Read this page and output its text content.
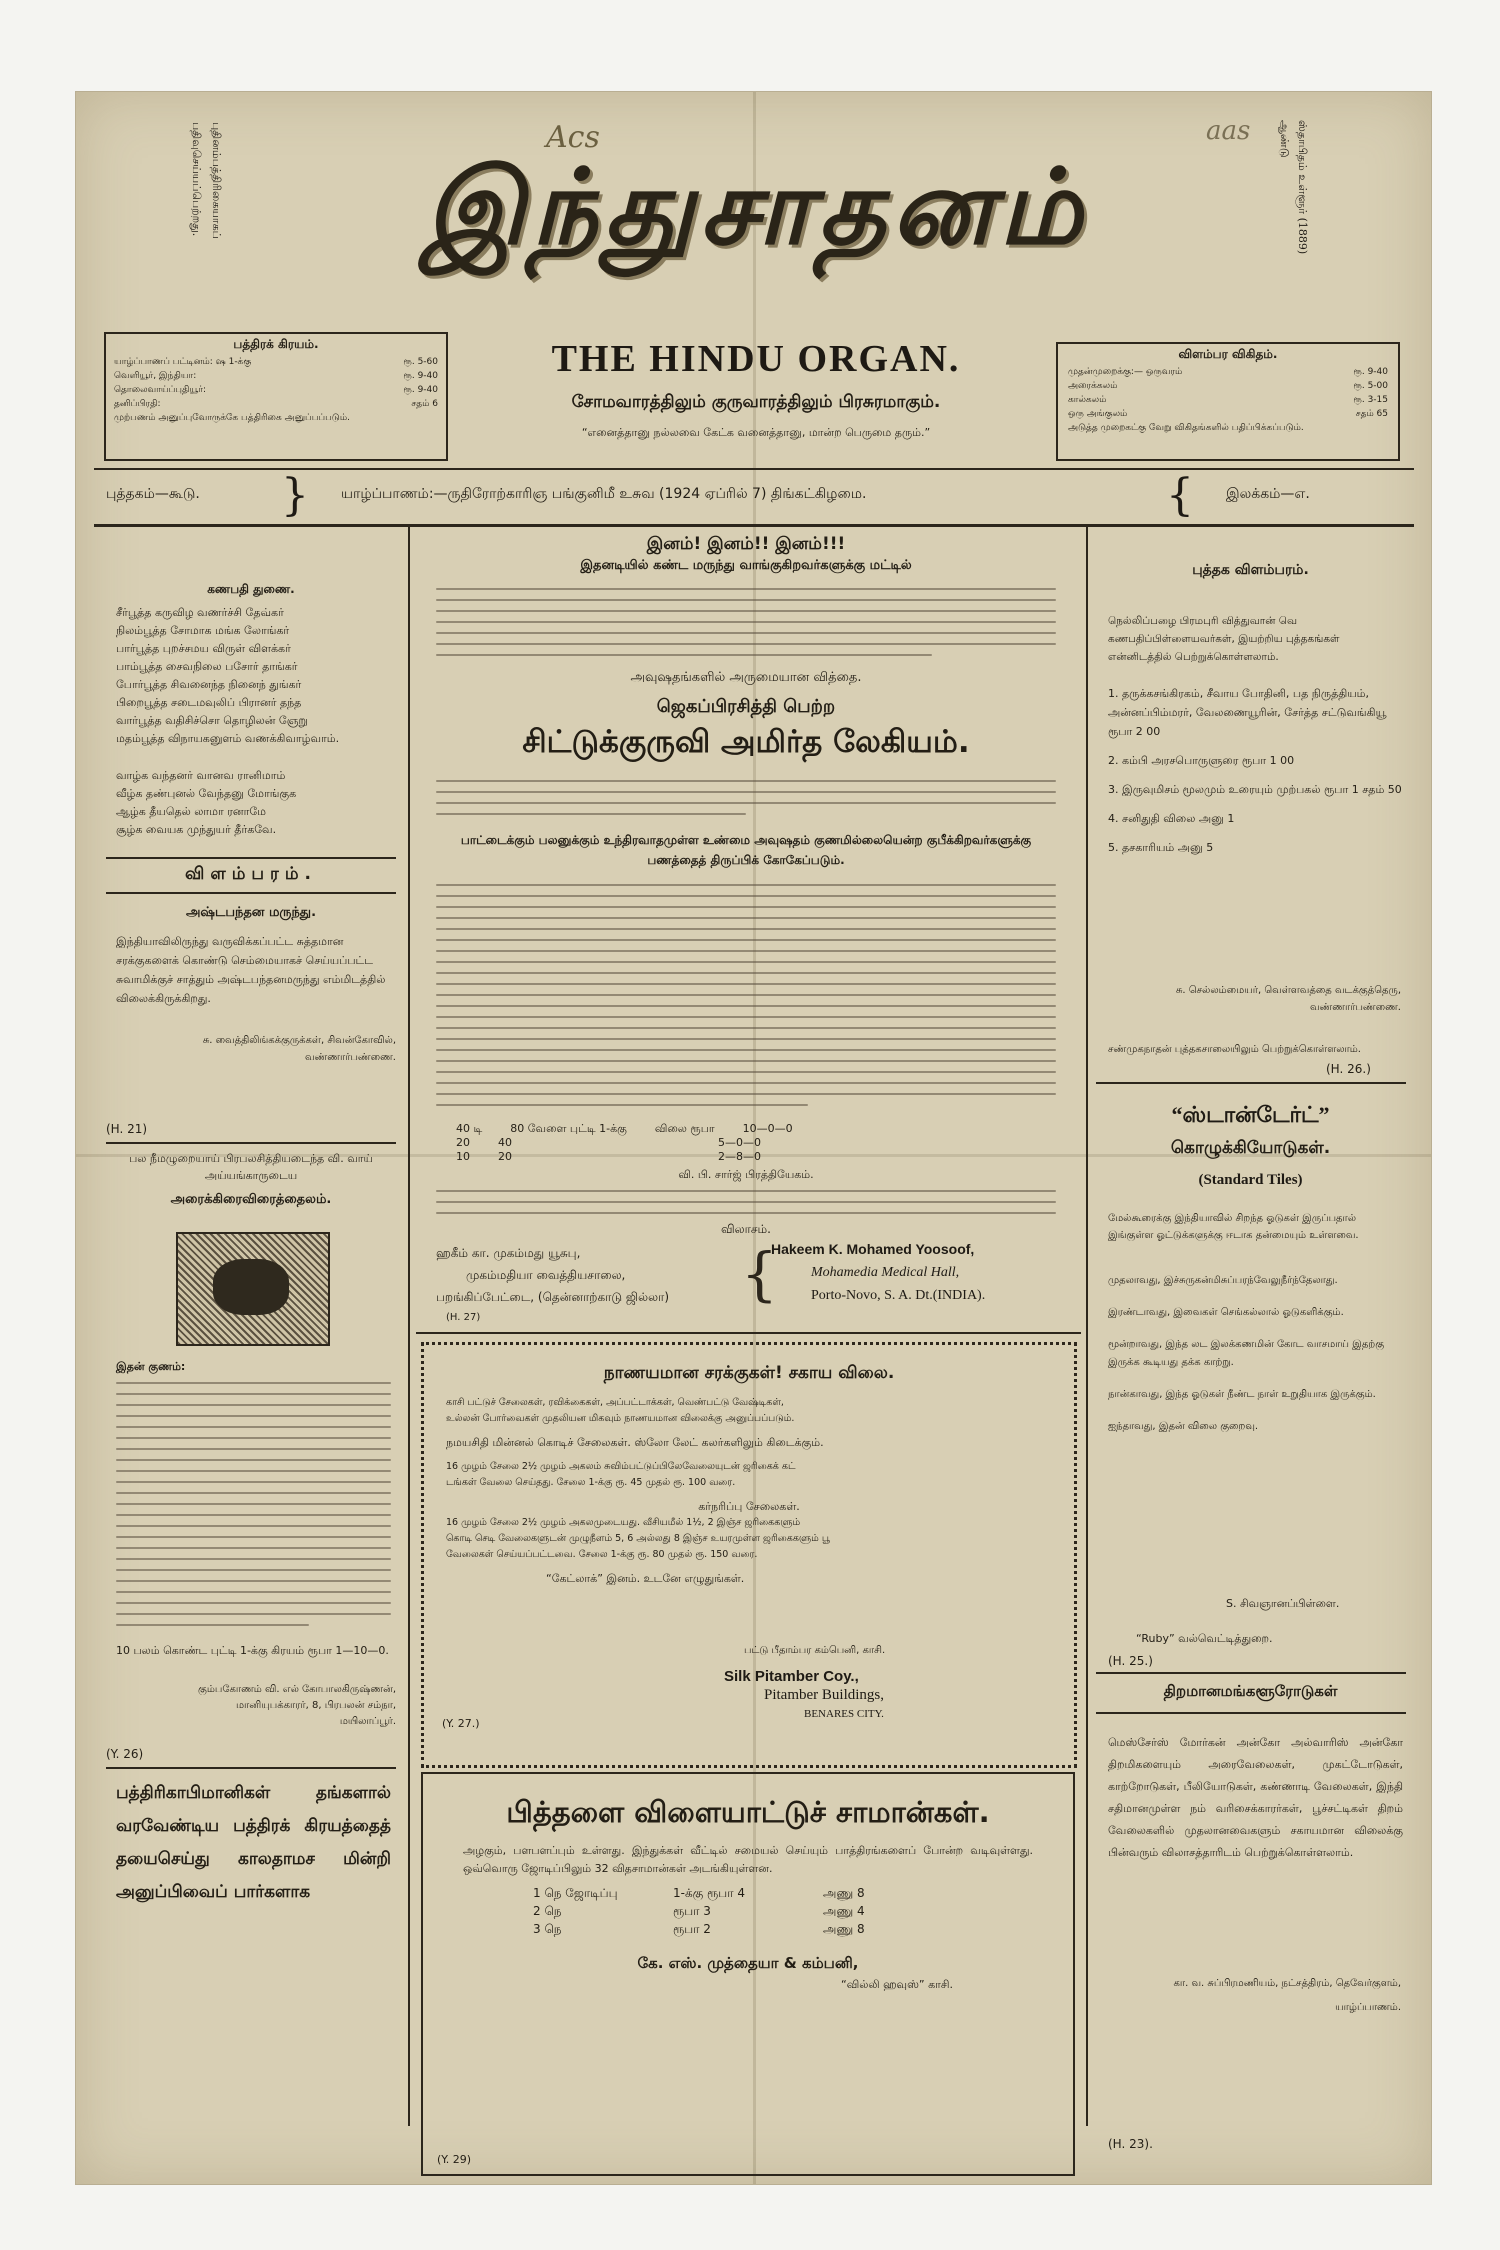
Acs	aas
புதினம்பத்திரிகையாகப் பதிவுசெய்யப்பெற்றது.	ஸ்தாபிதம் உள்ளூர் (1889) ஆண்டு
இந்துசாதனம்
பத்திரக் கிரயம்.
யாழ்ப்பாணப் பட்டினம்: ஷ 1-க்கு	ரூ. 5-60
வெளியூர், இந்தியா:	ரூ. 9-40
தொலைவாய்ப்புதியூர்:	ரூ. 9-40
தனிப்பிரதி:	சதம் 6
முற்பணம் அனுப்புவோருக்கே பத்திரிகை அனுப்பப்படும்.
THE HINDU ORGAN.
சோமவாரத்திலும் குருவாரத்திலும் பிரசுரமாகும்.
“எனைத்தானு நல்லவை கேட்க வனைத்தானு, மான்ற பெருமை தரும்.”
விளம்பர விகிதம்.
முதன்முறைக்கு:— ஒருவரம்	ரூ. 9-40
அரைக்கலம்	ரூ. 5-00
கால்கலம்	ரூ. 3-15
ஒரு அங்குலம்	சதம் 65
அடுத்த முறைகட்கு வேறு விகிதங்களில் பதிப்பிக்கப்படும்.
புத்தகம்—கூடு. } யாழ்ப்பாணம்:—ருதிரோற்காரிஞ பங்குனிமீ உசுவ (1924 ஏப்ரில் 7) திங்கட்கிழமை.	{ இலக்கம்—எ.
கணபதி துணை.
சீர்பூத்த கருவிழ வணர்ச்சி தேவ்கர்
நிலம்பூத்த சோமாக மங்க லோங்கர்
பார்பூத்த புறச்சமய விருள் விளக்கர்
பாம்பூத்த சைவநிலை பசோர் தாங்கர்
போர்பூத்த சிவனைந்த நினைந் துங்கர்
பிறைபூத்த சடைமவுலிப் பிரானர் தந்த
வார்பூத்த வதிசிச்சொ தொழிலன் ஞேறு
மதம்பூத்த விநாயகனுளம் வணக்கிவாழ்வாம்.
வாழ்க வந்தனர் வானவ ரானிமாம்
வீழ்க தண்புனல் வேந்தனு மோங்குக
ஆழ்க தீயதெல் லாமா ரனாமே
சூழ்க வையக முந்துயர் தீர்கவே.
விளம்பரம்.
அஷ்டபந்தன மருந்து.
இந்தியாவிலிருந்து வருவிக்கப்பட்ட சுத்தமான சரக்குகளைக் கொண்டு செம்மையாகச் செய்யப்பட்ட சுவாமிக்குச் சாத்தும் அஷ்டபந்தனமருந்து எம்மிடத்தில் விலைக்கிருக்கிறது.
சு. வைத்திலிங்கக்குருக்கள், சிவன்கோவில், வண்ணார்பண்ணை.
(H. 21)
பல நீமழுறையாய் பிரபலசித்தியடைந்த வி. வாய் அய்யங்காருடைய
அரைக்கிரைவிரைத்தைலம்.
இதன் குணம்:
10 பலம் கொண்ட புட்டி 1-க்கு கிரயம் ரூபா 1—10—0.
கும்பகோணம் வி. எல் கோபாலகிருஷ்ணன், மானியுபக்காரர், 8, பிரபலன் சம்நா, மயிலாப்பூர்.
(Y. 26)
பத்திரிகாபிமானிகள் தங்களால் வரவேண்டிய பத்திரக் கிரயத்தைத் தயைசெய்து காலதாமச மின்றி அனுப்பிவைப் பார்களாக
இனம்! இனம்!! இனம்!!!
இதனடியில் கண்ட மருந்து வாங்குகிறவர்களுக்கு மட்டில்
அவுஷதங்களில் அருமையான வித்தை.
ஜெகப்பிரசித்தி பெற்ற
சிட்டுக்குருவி அமிர்த லேகியம்.
பாட்டைக்கும் பலனுக்கும் உந்திரவாதமுள்ள உண்மை அவுஷதம் குணமில்லையென்ற குபீக்கிறவர்களுக்கு பணத்தைத் திருப்பிக் கோகேப்படும்.
40 டி	80 வேளை புட்டி 1-க்கு	விலை ரூபா	10—0—0
20	40	5—0—0
10	20	2—8—0
வி. பி. சார்ஜ் பிரத்தியேகம்.
விலாசம்.
ஹகீம் கா. முகம்மது யூசுபு,
முகம்மதியா வைத்தியசாலை,
பறங்கிப்பேட்டை, (தென்னாற்காடு ஜில்லா)	{
Hakeem K. Mohamed Yoosoof,
Mohamedia Medical Hall,
Porto-Novo, S. A. Dt.(INDIA).
(H. 27)
நாணயமான சரக்குகள்! சகாய விலை.
காசி பட்டுச் சேலைகள், ரவிக்கைகள், அப்பட்டாக்கள், வெண்பட்டு வேஷ்டிகள்,
உல்லன் போர்வைகள் முதலியன மிகவும் நாணயமான விலைக்கு அனுப்பப்படும்.
நமயசிதி மின்னல் கொடிச் சேலைகள். ஸ்லோ லேட் கலர்களிலும் கிடைக்கும்.
16 முழம் சேலை 2½ முழம் அகலம் சுவிம்பட்டுப்பிலேவேலையுடன் ஜரிகைக் கட்
டங்கள் வேலை செய்தது. சேலை 1-க்கு ரூ. 45 முதல் ரூ. 100 வரை.
கர்நரிப்பு சேலைகள்.
16 முழம் சேலை 2½ முழம் அகலமுடையது. வீசியமீல் 1½, 2 இஞ்ச ஜரிகைகளும்
கொடி செடி வேலைகளுடன் முழுநீளம் 5, 6 அல்லது 8 இஞ்ச உயரமுள்ள ஜரிகைகளும் பூ
வேலைகள் செய்யப்பட்டவை. சேலை 1-க்கு ரூ. 80 முதல் ரூ. 150 வரை.
“கேட்லாக்” இனம். உடனே எழுதுங்கள்.
பட்டு பீதாம்பர கம்பெனி, காசி.
Silk Pitamber Coy.,
Pitamber Buildings,
BENARES CITY.
(Y. 27.)
பித்தளை விளையாட்டுச் சாமான்கள்.
அழகும், பளபளப்பும் உள்ளது. இந்துக்கள் வீட்டில் சமையல் செய்யும் பாத்திரங்களைப் போன்ற வடிவுள்ளது. ஒவ்வொரு ஜோடிப்பிலும் 32 விதசாமான்கள் அடங்கியுள்ளன.
1 நெ ஜோடிப்பு	1-க்கு ரூபா 4	அணு 8
2 நெ	ரூபா 3	அணு 4
3 நெ	ரூபா 2	அணு 8
கே. எஸ். முத்தையா & கம்பனி,
“வில்லி ஹவுஸ்” காசி.
(Y. 29)
புத்தக விளம்பரம்.
நெல்லிப்பழை பிரமபுரி வித்துவான் வெ கணபதிப்பிள்ளையவர்கள், இயற்றிய புத்தகங்கள் என்னிடத்தில் பெற்றுக்கொள்ளலாம்.
1. தருக்கசங்கிரகம், சீவாய போதினி, பத நிருத்தியம், அன்னப்பிம்மரர், வேலணையூரின், சேர்த்த சட்டுவங்கியூ ரூபா 2 00
2. கம்பி அரசபொருளுரை ரூபா 1 00
3. இருவுமிசம் மூலமும் உரையும் முற்பகல் ரூபா 1 சதம் 50
4. சனிதுதி விலை அனு 1
5. தசகாரியம் அனு 5
சு. செல்லம்மையர், வெள்ளவத்தை வடக்குத்தெரு, வண்ணார்பண்ணை.
சண்முகநாதன் புத்தகசாலையிலும் பெற்றுக்கொள்ளலாம்.
(H. 26.)
“ஸ்டான்டேர்ட்”
கொழுக்கியோடுகள்.
(Standard Tiles)
மேல்கூரைக்கு இந்தியாவில் சிறந்த ஓடுகள் இருப்பதால் இங்குள்ள ஓட்டுக்களுக்கு ஈடாக தன்மையும் உள்ளவை.
முதலாவது, இச்சுருகன்மிசுப்பரந்வேலுநீர்ந்தேலாது.
இரண்டாவது, இவைகள் செங்கல்லால் ஓடுகளிக்கும்.
மூன்றாவது, இந்த லட இலக்கணமின் கோட வாசமாய் இதற்கு இருக்க கூடியது தக்க காற்று.
நான்காவது, இந்த ஓடுகள் நீண்ட நாள் உறுதியாக இருக்கும்.
ஐந்தாவது, இதன் விலை குறைவு.
S. சிவஞானப்பிள்ளை.
“Ruby” வல்வெட்டித்துறை.
(H. 25.)
திறமானமங்களூரோடுகள்
மெஸ்சேர்ஸ் மோர்கன் அன்கோ அல்வாரிஸ் அன்கோ திறமிகளையும் அரைவேலைகள், முகட்டோடுகள், காற்றோடுகள், பீலியோடுகள், கண்ணாடி வேலைகள், இந்தி சதிமானமுள்ள நம் வரிசைக்காரர்கள், பூச்சட்டிகள் திறம் வேலைகளில் முதலானவைகளும் சகாயமான விலைக்கு பின்வரும் விலாசத்தாரிடம் பெற்றுக்கொள்ளலாம்.
கா. வ. சுப்பிரமணியம், நட்சத்திரம், தெவேர்குளம், யாழ்ப்பாணம்.
(H. 23).
